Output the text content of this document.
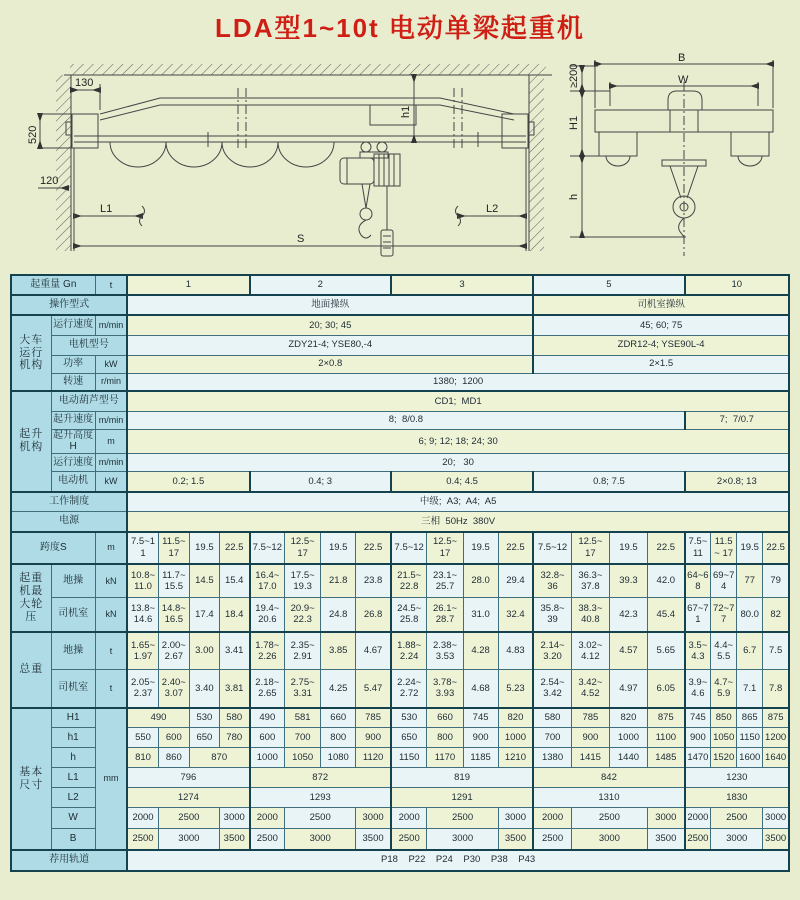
LDA型1~10t 电动单梁起重机
130
520
120
L1	L2
S
h1
B
W
≥200
H1
h
起重量 Gn		t	1				2				3				5				10			
操作型式			地面操纵												司机室操纵							
大车运行机构	运行速度	m/min	20; 30; 45												45; 60; 75							
	电机型号		ZDY21-4; YSE80,-4												ZDR12-4; YSE90L-4							
	功率	kW	2×0.8												2×1.5							
	转速	r/min	1380;  1200																			
起升机构	电动葫芦型号		CD1;  MD1																			
	起升速度	m/min	8;  8/0.8																7;  7/0.7			
	起升高度H	m	6; 9; 12; 18; 24; 30																			
	运行速度	m/min	20;   30																			
	电动机	kW	0.2; 1.5				0.4; 3				0.4; 4.5				0.8; 7.5				2×0.8; 13			
工作制度			中级;  A3;  A4;  A5																			
电源			三相  50Hz  380V																			
跨度S		m	7.5~11	11.5~ 17	19.5	22.5	7.5~12	12.5~ 17	19.5	22.5	7.5~12	12.5~ 17	19.5	22.5	7.5~12	12.5~ 17	19.5	22.5	7.5~11	11.5~ 17	19.5	22.5
起重机最大轮压	地操	kN	10.8~ 11.0	11.7~ 15.5	14.5	15.4	16.4~ 17.0	17.5~ 19.3	21.8	23.8	21.5~ 22.8	23.1~ 25.7	28.0	29.4	32.8~ 36	36.3~ 37.8	39.3	42.0	64~68	69~74	77	79
	司机室	kN	13.8~ 14.6	14.8~ 16.5	17.4	18.4	19.4~ 20.6	20.9~ 22.3	24.8	26.8	24.5~ 25.8	26.1~ 28.7	31.0	32.4	35.8~ 39	38.3~ 40.8	42.3	45.4	67~71	72~77	80.0	82
总重	地操	t	1.65~ 1.97	2.00~ 2.67	3.00	3.41	1.78~ 2.26	2.35~ 2.91	3.85	4.67	1.88~ 2.24	2.38~ 3.53	4.28	4.83	2.14~ 3.20	3.02~ 4.12	4.57	5.65	3.5~ 4.3	4.4~ 5.5	6.7	7.5
	司机室	t	2.05~ 2.37	2.40~ 3.07	3.40	3.81	2.18~ 2.65	2.75~ 3.31	4.25	5.47	2.24~ 2.72	3.78~ 3.93	4.68	5.23	2.54~ 3.42	3.42~ 4.52	4.97	6.05	3.9~ 4.6	4.7~ 5.9	7.1	7.8
基本尺寸	H1	mm	490		530	580	490	581	660	785	530	660	745	820	580	785	820	875	745	850	865	875
	h1		550	600	650	780	600	700	800	900	650	800	900	1000	700	900	1000	1100	900	1050	1150	1200
	h		810	860	870		1000	1050	1080	1120	1150	1170	1185	1210	1380	1415	1440	1485	1470	1520	1600	1640
	L1		796				872				819				842				1230			
	L2		1274				1293				1291				1310				1830			
	W		2000	2500		3000	2000	2500		3000	2000	2500		3000	2000	2500		3000	2000	2500		3000
	B		2500	3000		3500	2500	3000		3500	2500	3000		3500	2500	3000		3500	2500	3000		3500
荐用轨道			P18    P22    P24    P30    P38    P43																			
